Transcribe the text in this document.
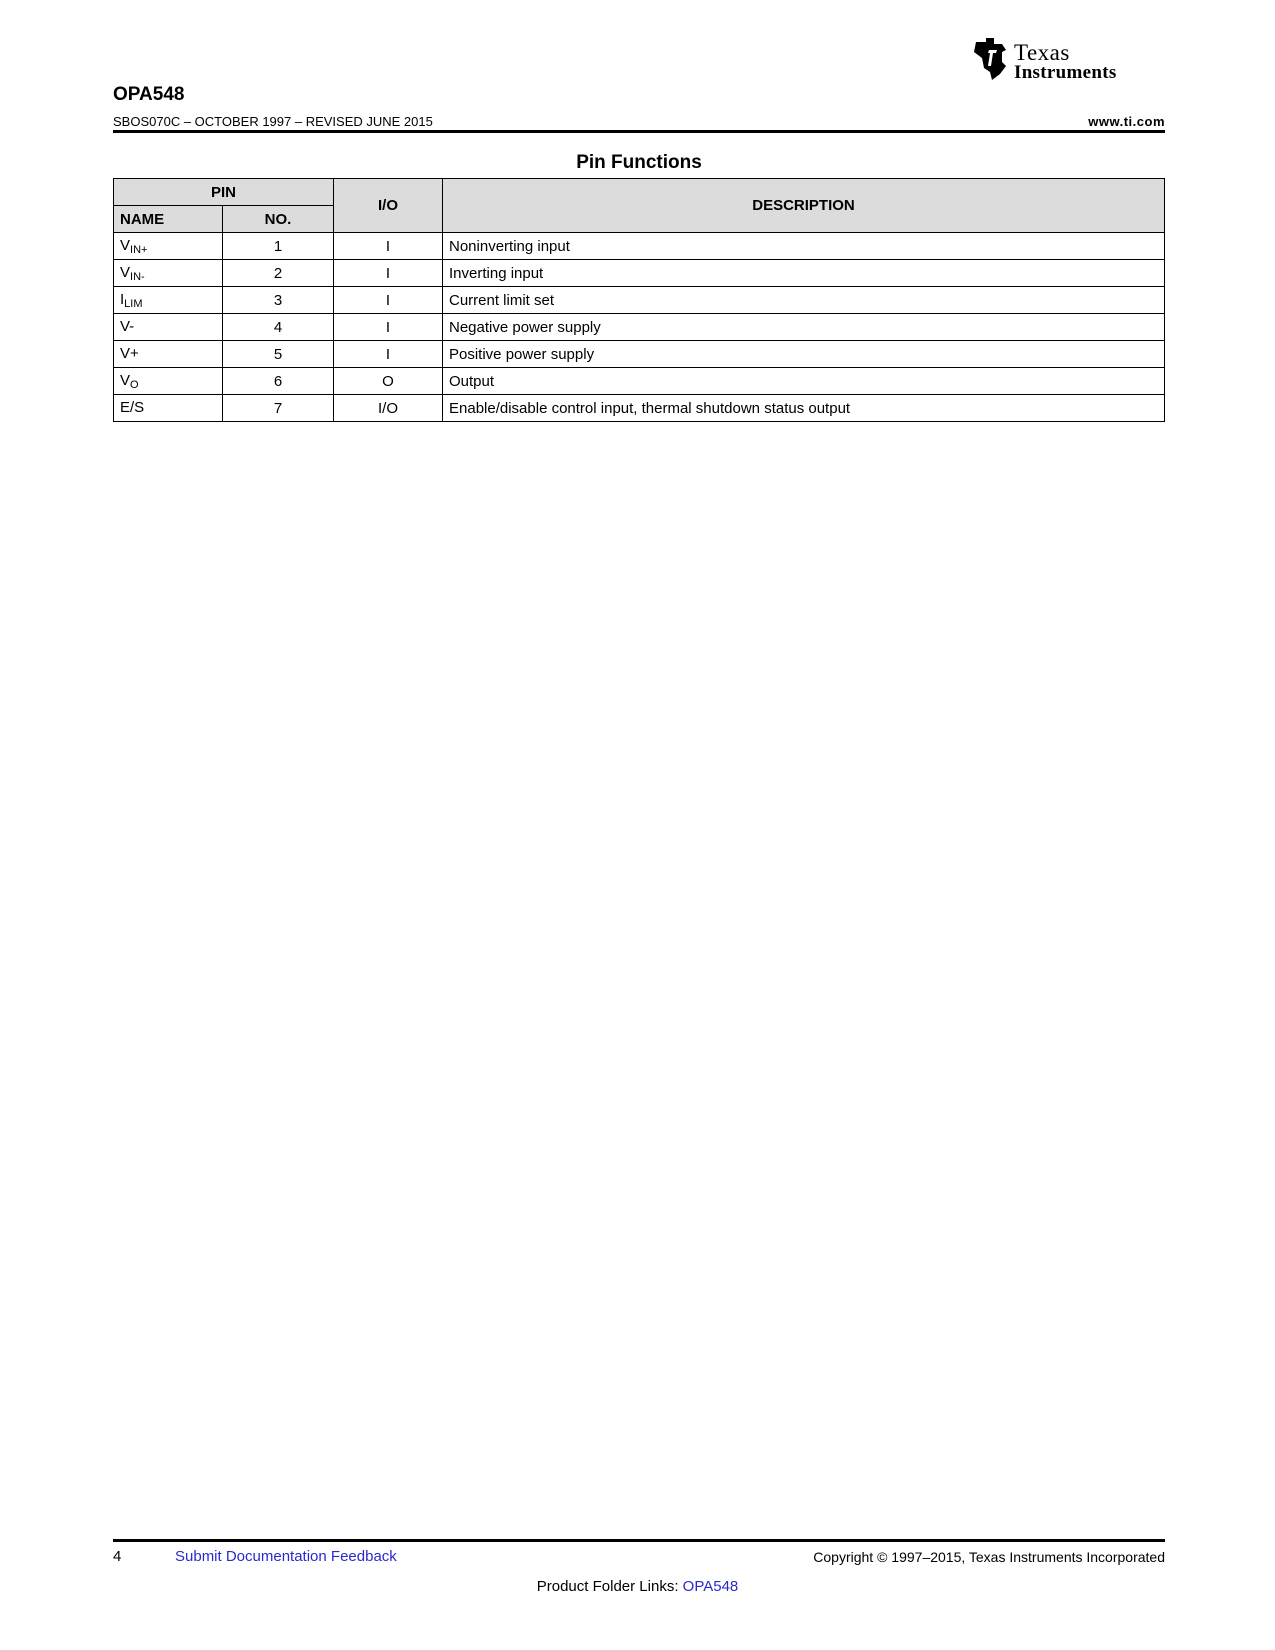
Texas
Instruments
OPA548
SBOS070C – OCTOBER 1997 – REVISED JUNE 2015	www.ti.com
Pin Functions
PIN		I/O	DESCRIPTION
NAME	NO.		
$V_{IN+}$	1	I	Noninverting input
$V_{IN-}$	2	I	Inverting input
$I_{LIM}$	3	I	Current limit set
V-	4	I	Negative power supply
V+	5	I	Positive power supply
$V_O$	6	O	Output
E/S	7	I/O	Enable/disable control input, thermal shutdown status output
4	Submit Documentation Feedback	Copyright © 1997–2015, Texas Instruments Incorporated
Product Folder Links: OPA548
